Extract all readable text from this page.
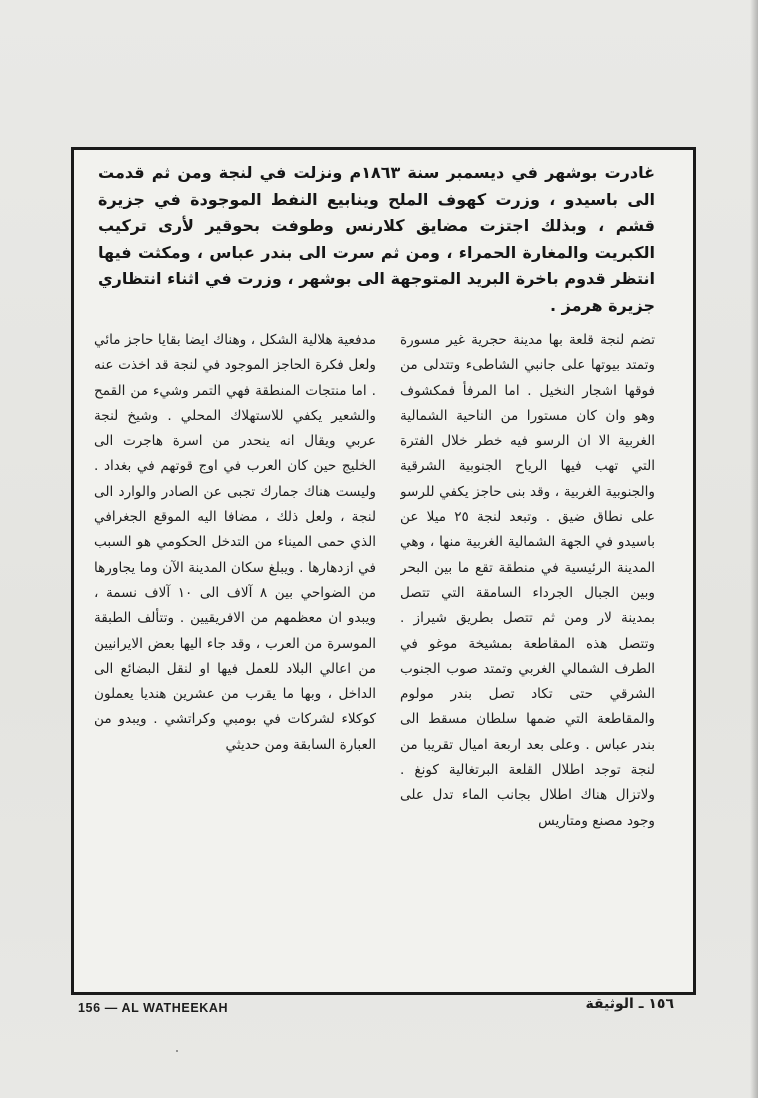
غادرت بوشهر في ديسمبر سنة ١٨٦٣م ونزلت في لنجة ومن ثم قدمت الى باسيدو ، وزرت كهوف الملح وينابيع النفط الموجودة في جزيرة قشم ، وبذلك اجتزت مضايق كلارنس وطوفت بحوقير لأرى تركيب الكبريت والمغارة الحمراء ، ومن ثم سرت الى بندر عباس ، ومكثت فيها انتظر قدوم باخرة البريد المتوجهة الى بوشهر ، وزرت في اثناء انتظاري جزيرة هرمز .
تضم لنجة قلعة بها مدينة حجرية غير مسورة وتمتد بيوتها على جانبي الشاطىء وتتدلى من فوقها اشجار النخيل . اما المرفأ فمكشوف وهو وان كان مستورا من الناحية الشمالية الغربية الا ان الرسو فيه خطر خلال الفترة التي تهب فيها الرياح الجنوبية الشرقية والجنوبية الغربية ، وقد بنى حاجز يكفي للرسو على نطاق ضيق . وتبعد لنجة ٢٥ ميلا عن باسيدو في الجهة الشمالية الغربية منها ، وهي المدينة الرئيسية في منطقة تقع ما بين البحر وبين الجبال الجرداء السامقة التي تتصل بمدينة لار ومن ثم تتصل بطريق شيراز . وتتصل هذه المقاطعة بمشيخة موغو في الطرف الشمالي الغربي وتمتد صوب الجنوب الشرقي حتى تكاد تصل بندر مولوم والمقاطعة التي ضمها سلطان مسقط الى بندر عباس . وعلى بعد اربعة اميال تقريبا من لنجة توجد اطلال القلعة البرتغالية كونغ . ولاتزال هناك اطلال بجانب الماء تدل على وجود مصنع ومتاريس
مدفعية هلالية الشكل ، وهناك ايضا بقايا حاجز مائي ولعل فكرة الحاجز الموجود في لنجة قد اخذت عنه . اما منتجات المنطقة فهي التمر وشيء من القمح والشعير يكفي للاستهلاك المحلي . وشيخ لنجة عربي ويقال انه ينحدر من اسرة هاجرت الى الخليج حين كان العرب في اوج قوتهم في بغداد . وليست هناك جمارك تجبى عن الصادر والوارد الى لنجة ، ولعل ذلك ، مضافا اليه الموقع الجغرافي الذي حمى الميناء من التدخل الحكومي هو السبب في ازدهارها . ويبلغ سكان المدينة الآن وما يجاورها من الضواحي بين ٨ آلاف الى ١٠ آلاف نسمة ، ويبدو ان معظمهم من الافريقيين . وتتألف الطبقة الموسرة من العرب ، وقد جاء اليها بعض الايرانيين من اعالي البلاد للعمل فيها او لنقل البضائع الى الداخل ، وبها ما يقرب من عشرين هنديا يعملون كوكلاء لشركات في بومبي وكراتشي . ويبدو من العبارة السابقة ومن حديثي
156 — AL WATHEEKAH	١٥٦ ـ الوثيقة
